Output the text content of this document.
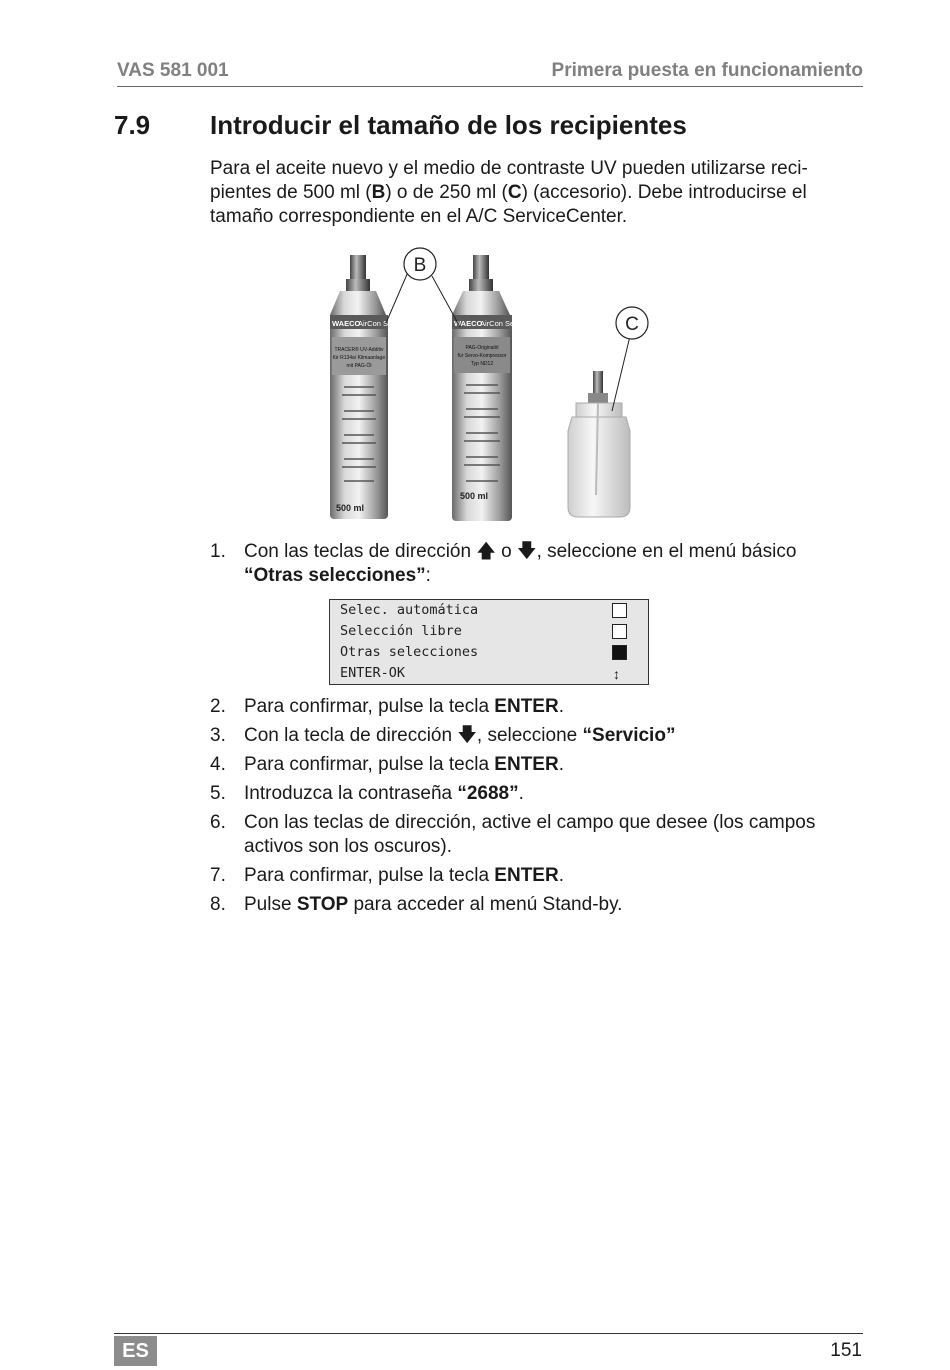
VAS 581 001	Primera puesta en funcionamiento
7.9 Introducir el tamaño de los recipientes
Para el aceite nuevo y el medio de contraste UV pueden utilizarse reci-
pientes de 500 ml (B) o de 250 ml (C) (accesorio). Debe introducirse el
tamaño correspondiente en el A/C ServiceCenter.
WAECO
AirCon Service
TRACER® UV-Additiv
für R134a/ Klimaanlage
mit PAG-Öl
500 ml
WAECO
AirCon Service
PAG-Originalöl
für Servo-Kompressor
Typ ND12
500 ml
B
C
1. Con las teclas de dirección 🡅 o 🡇, seleccione en el menú básico
“Otras selecciones”:
2. Para confirmar, pulse la tecla ENTER.
3. Con la tecla de dirección 🡇, seleccione “Servicio”
4. Para confirmar, pulse la tecla ENTER.
5. Introduzca la contraseña “2688”.
6. Con las teclas de dirección, active el campo que desee (los campos
activos son los oscuros).
7. Para confirmar, pulse la tecla ENTER.
8. Pulse STOP para acceder al menú Stand-by.
Selec. automática
Selección libre
Otras selecciones
ENTER-OK	↕
ES	151
